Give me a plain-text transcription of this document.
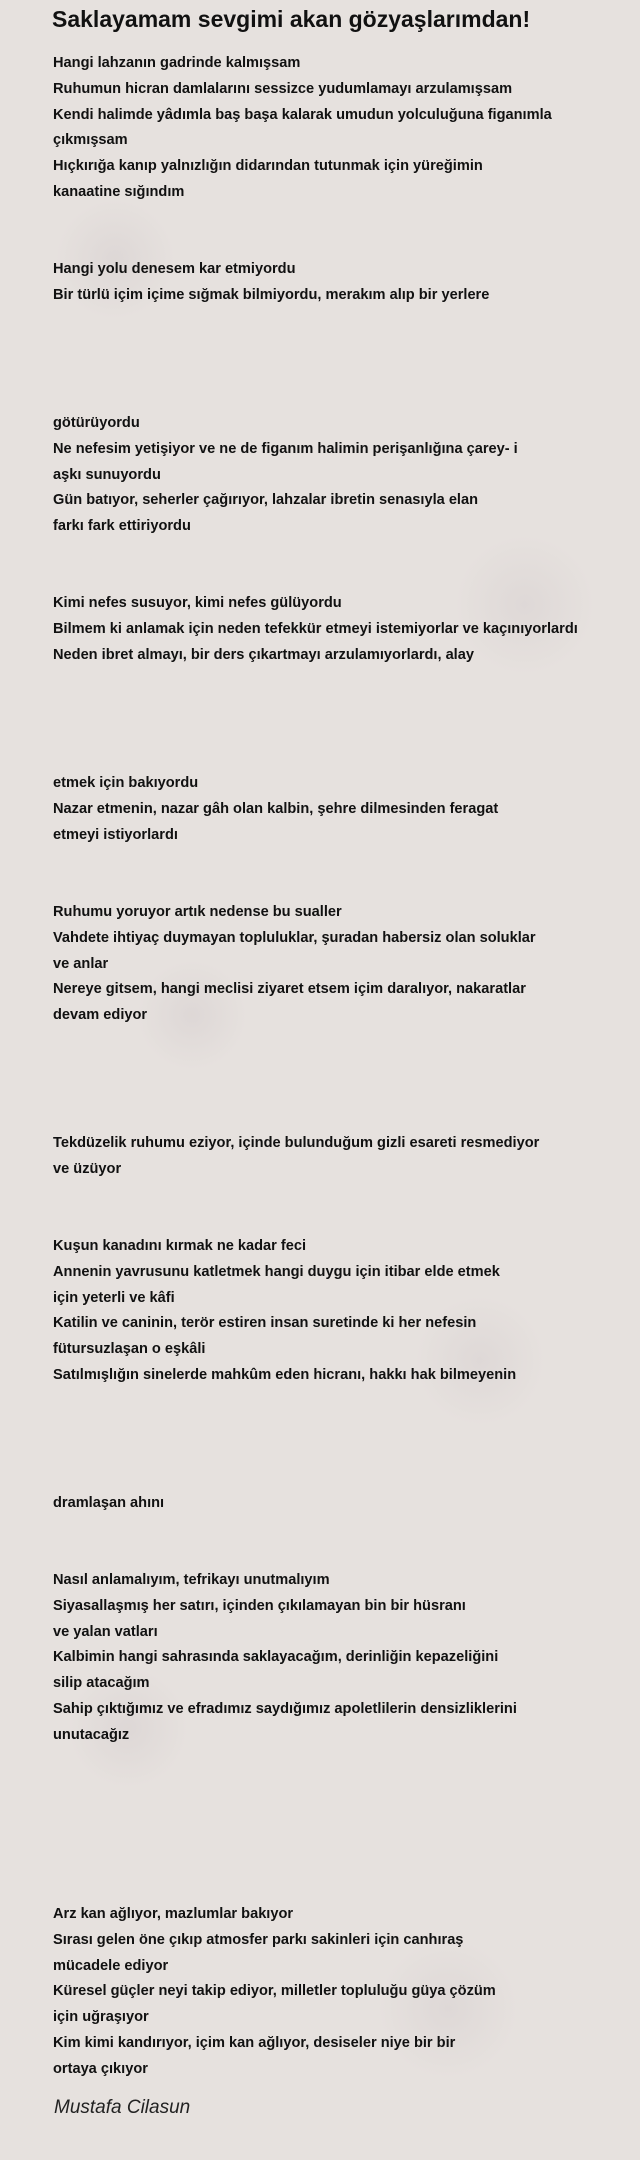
Saklayamam sevgimi akan gözyaşlarımdan!
Hangi lahzanın gadrinde kalmışsam
Ruhumun hicran damlalarını sessizce yudumlamayı arzulamışsam
Kendi halimde yâdımla baş başa kalarak umudun yolculuğuna figanımla
çıkmışsam
Hıçkırığa kanıp yalnızlığın didarından tutunmak için yüreğimin
kanaatine sığındım
Hangi yolu denesem kar etmiyordu
Bir türlü içim içime sığmak bilmiyordu, merakım alıp bir yerlere
götürüyordu
Ne nefesim yetişiyor ve ne de figanım halimin perişanlığına çarey- i
aşkı sunuyordu
Gün batıyor, seherler çağırıyor, lahzalar ibretin senasıyla elan
farkı fark ettiriyordu
Kimi nefes susuyor, kimi nefes gülüyordu
Bilmem ki anlamak için neden tefekkür etmeyi istemiyorlar ve kaçınıyorlardı
Neden ibret almayı, bir ders çıkartmayı arzulamıyorlardı, alay
etmek için bakıyordu
Nazar etmenin, nazar gâh olan kalbin, şehre dilmesinden feragat
etmeyi istiyorlardı
Ruhumu yoruyor artık nedense bu sualler
Vahdete ihtiyaç duymayan topluluklar, şuradan habersiz olan soluklar
ve anlar
Nereye gitsem, hangi meclisi ziyaret etsem içim daralıyor, nakaratlar
devam ediyor
Tekdüzelik ruhumu eziyor, içinde bulunduğum gizli esareti resmediyor
ve üzüyor
Kuşun kanadını kırmak ne kadar feci
Annenin yavrusunu katletmek hangi duygu için itibar elde etmek
için yeterli ve kâfi
Katilin ve caninin, terör estiren insan suretinde ki her nefesin
fütursuzlaşan o eşkâli
Satılmışlığın sinelerde mahkûm eden hicranı, hakkı hak bilmeyenin
dramlaşan ahını
Nasıl anlamalıyım, tefrikayı unutmalıyım
Siyasallaşmış her satırı, içinden çıkılamayan bin bir hüsranı
ve yalan vatları
Kalbimin hangi sahrasında saklayacağım, derinliğin kepazeliğini
silip atacağım
Sahip çıktığımız ve efradımız saydığımız apoletlilerin densizliklerini
unutacağız
Arz kan ağlıyor, mazlumlar bakıyor
Sırası gelen öne çıkıp atmosfer parkı sakinleri için canhıraş
mücadele ediyor
Küresel güçler neyi takip ediyor, milletler topluluğu güya çözüm
için uğraşıyor
Kim kimi kandırıyor, içim kan ağlıyor, desiseler niye bir bir
ortaya çıkıyor

Mustafa Cilasun
